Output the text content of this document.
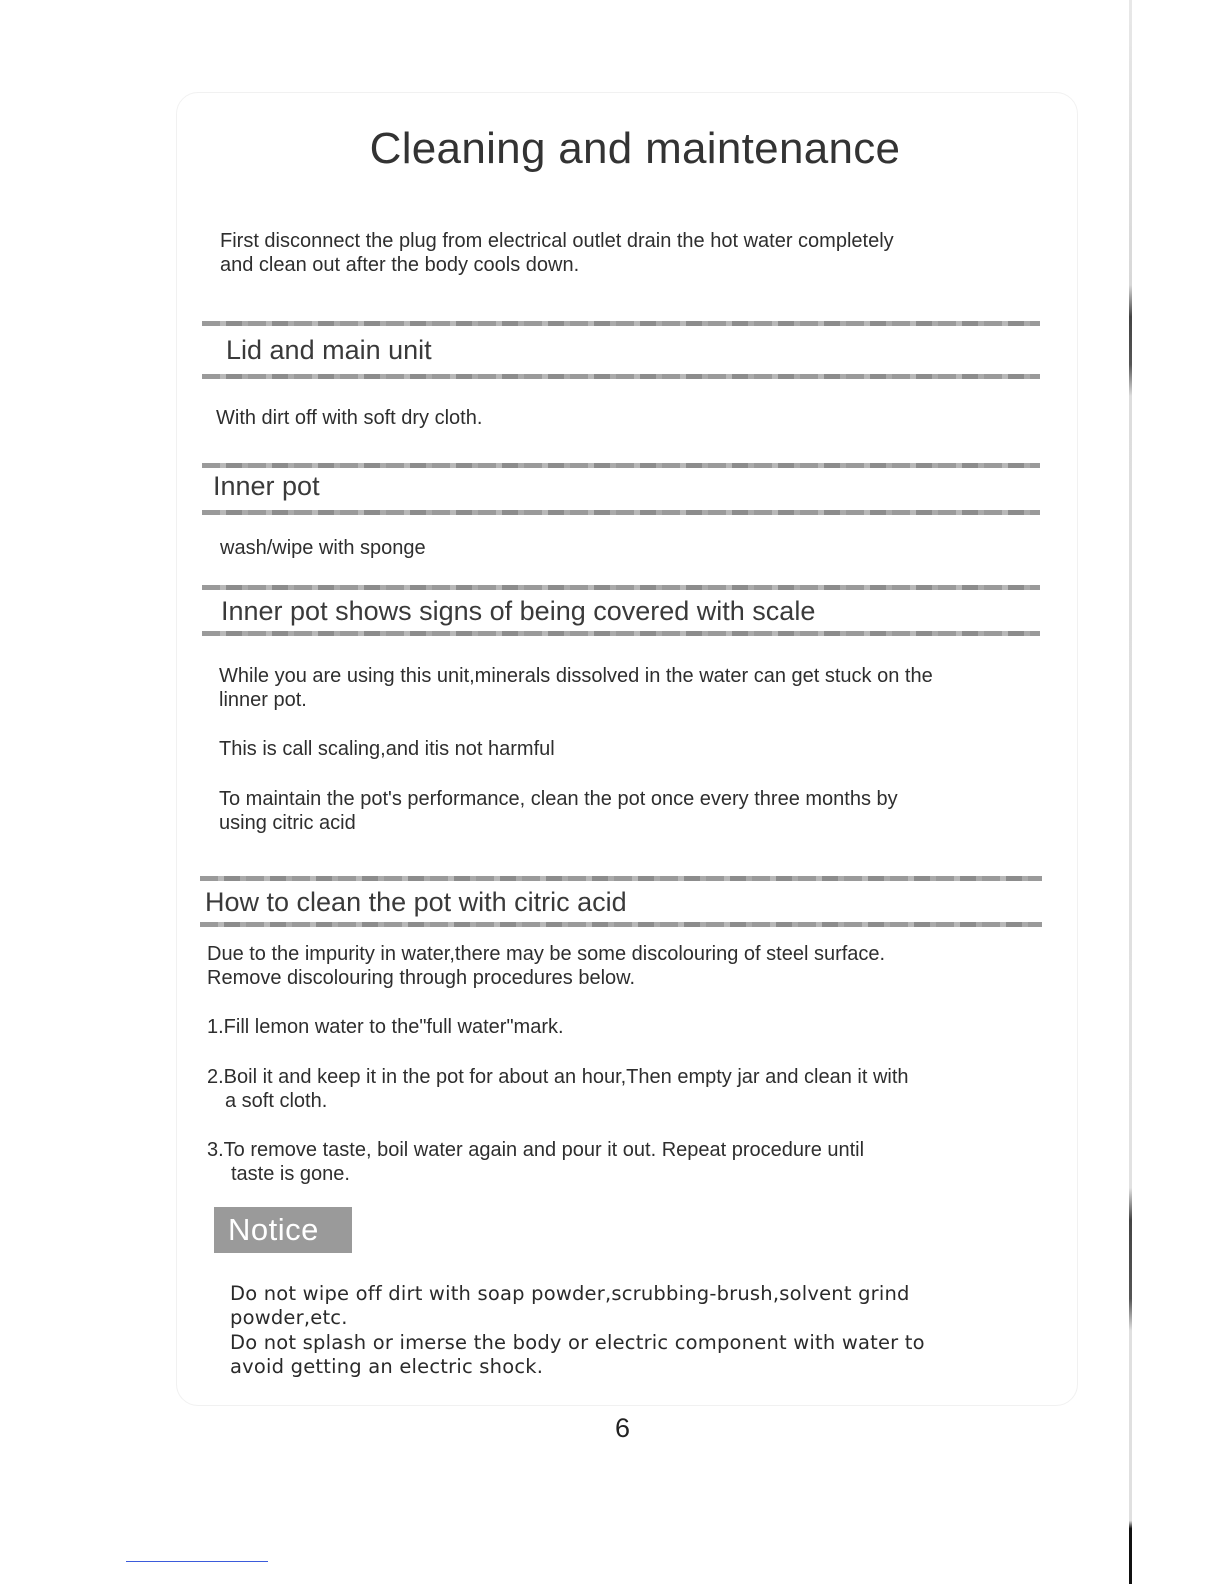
Cleaning and maintenance
First disconnect the plug from electrical outlet drain the hot water completely
and clean out after the body cools down.
Lid and main unit
With dirt off with soft dry cloth.
Inner pot
wash/wipe with sponge
Inner pot shows signs of being covered with scale
While you are using this unit,minerals dissolved in the water can get stuck on the
linner pot.
This is call scaling,and itis not harmful
To maintain the pot's performance, clean the pot once every three months by
using citric acid
How to clean the pot with citric acid
Due to the impurity in water,there may be some discolouring of steel surface.
Remove discolouring through procedures below.
1.Fill lemon water to the"full water"mark.
2.Boil it and keep it in the pot for about an hour,Then empty jar and clean it with
a soft cloth.
3.To remove taste, boil water again and pour it out. Repeat procedure until
taste is gone.
Notice
Do not wipe off dirt with soap powder,scrubbing-brush,solvent grind
powder,etc.
Do not splash or imerse the body or electric component with water to
avoid getting an electric shock.
6
